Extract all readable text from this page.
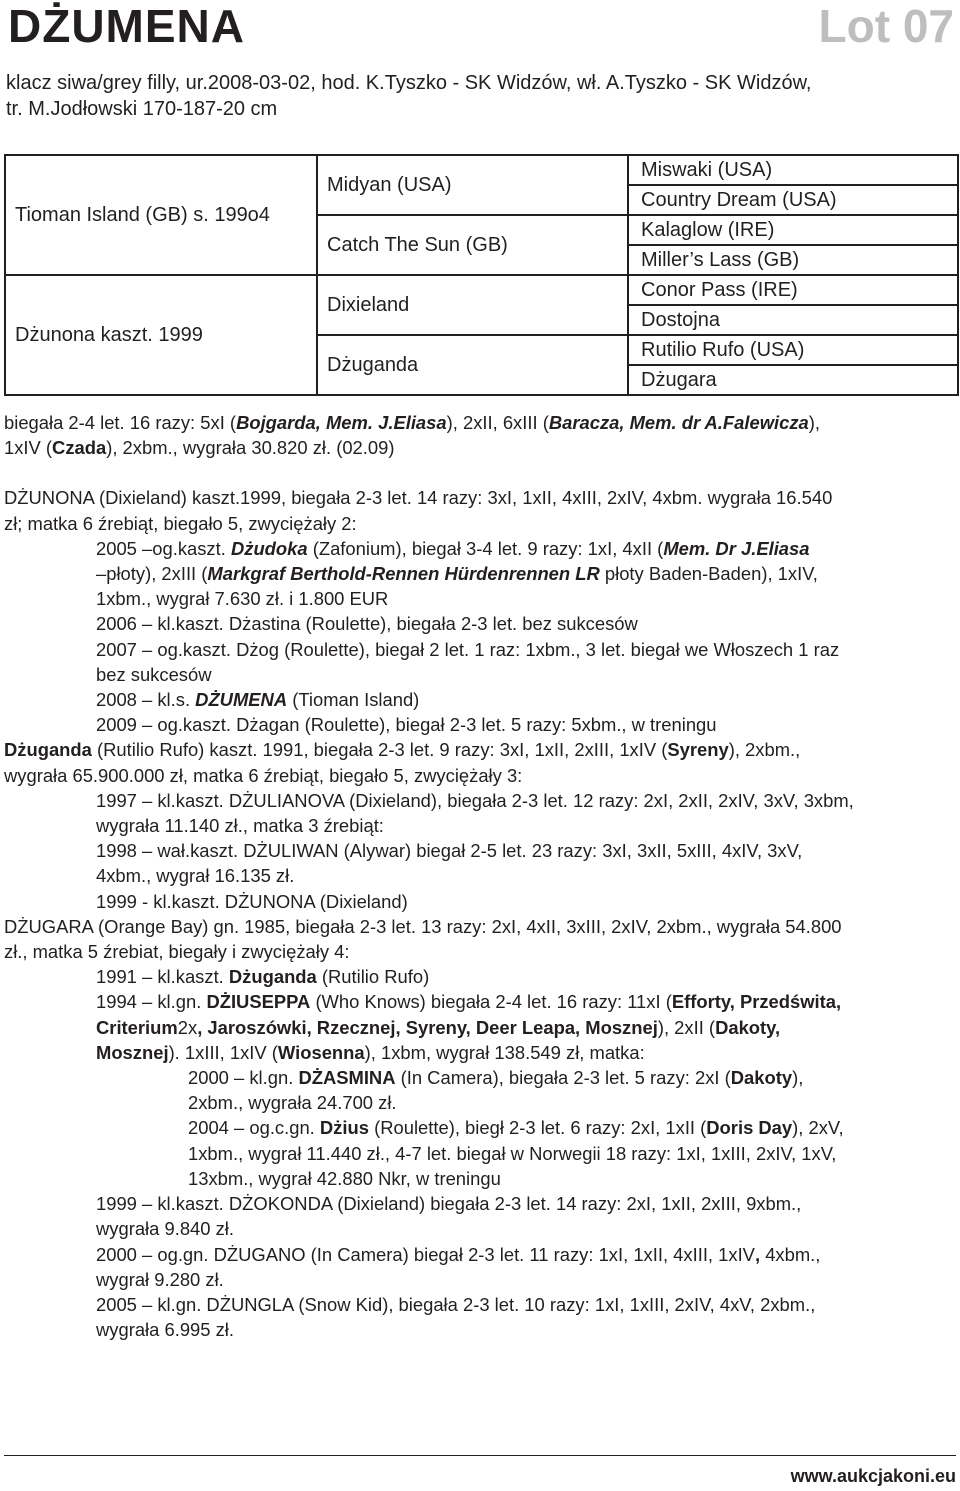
DŻUMENA	Lot 07
klacz siwa/grey filly, ur.2008-03-02, hod. K.Tyszko - SK Widzów, wł. A.Tyszko - SK Widzów,
tr. M.Jodłowski 170-187-20 cm
Tioman Island (GB) s. 199o4	Midyan (USA)	Miswaki (USA)
		Country Dream (USA)
	Catch The Sun (GB)	Kalaglow (IRE)
		Miller’s Lass (GB)
Dżunona kaszt. 1999	Dixieland	Conor Pass (IRE)
		Dostojna
	Dżuganda	Rutilio Rufo (USA)
		Dżugara

biegała 2-4 let. 16 razy: 5xI (Bojgarda, Mem. J.Eliasa), 2xII, 6xIII (Baracza, Mem. dr A.Falewicza),
1xIV (Czada), 2xbm., wygrała 30.820 zł. (02.09)

DŻUNONA (Dixieland) kaszt.1999, biegała 2-3 let. 14 razy: 3xI, 1xII, 4xIII, 2xIV, 4xbm. wygrała 16.540
zł; matka 6 źrebiąt, biegało 5, zwyciężały 2:

2005 –og.kaszt. Dżudoka (Zafonium), biegał 3-4 let. 9 razy: 1xI, 4xII (Mem. Dr J.Eliasa
–płoty), 2xIII (Markgraf Berthold-Rennen Hürdenrennen LR płoty Baden-Baden), 1xIV,
1xbm., wygrał 7.630 zł. i 1.800 EUR

2006 – kl.kaszt. Dżastina (Roulette), biegała 2-3 let. bez sukcesów

2007 – og.kaszt. Dżog (Roulette), biegał 2 let. 1 raz: 1xbm., 3 let. biegał we Włoszech 1 raz
bez sukcesów

2008 – kl.s. DŻUMENA (Tioman Island)

2009 – og.kaszt. Dżagan (Roulette), biegał 2-3 let. 5 razy: 5xbm., w treningu

Dżuganda (Rutilio Rufo) kaszt. 1991, biegała 2-3 let. 9 razy: 3xI, 1xII, 2xIII, 1xIV (Syreny), 2xbm.,
wygrała 65.900.000 zł, matka 6 źrebiąt, biegało 5, zwyciężały 3:

1997 – kl.kaszt. DŻULIANOVA (Dixieland), biegała 2-3 let. 12 razy: 2xI, 2xII, 2xIV, 3xV, 3xbm,
wygrała 11.140 zł., matka 3 źrebiąt:

1998 – wał.kaszt. DŻULIWAN (Alywar) biegał 2-5 let. 23 razy: 3xI, 3xII, 5xIII, 4xIV, 3xV,
4xbm., wygrał 16.135 zł.

1999 - kl.kaszt. DŻUNONA (Dixieland)

DŻUGARA (Orange Bay) gn. 1985, biegała 2-3 let. 13 razy: 2xI, 4xII, 3xIII, 2xIV, 2xbm., wygrała 54.800
zł., matka 5 źrebiat, biegały i zwyciężały 4:

1991 – kl.kaszt. Dżuganda (Rutilio Rufo)

1994 – kl.gn. DŻIUSEPPA (Who Knows) biegała 2-4 let. 16 razy: 11xI (Efforty, Przedświta,
Criterium2x, Jaroszówki, Rzecznej, Syreny, Deer Leapa, Mosznej), 2xII (Dakoty,
Mosznej). 1xIII, 1xIV (Wiosenna), 1xbm, wygrał 138.549 zł, matka:

2000 – kl.gn. DŻASMINA (In Camera), biegała 2-3 let. 5 razy: 2xI (Dakoty),
2xbm., wygrała 24.700 zł.

2004 – og.c.gn. Dżius (Roulette), biegł 2-3 let. 6 razy: 2xI, 1xII (Doris Day), 2xV,
1xbm., wygrał 11.440 zł., 4-7 let. biegał w Norwegii 18 razy: 1xI, 1xIII, 2xIV, 1xV,
13xbm., wygrał 42.880 Nkr, w treningu

1999 – kl.kaszt. DŻOKONDA (Dixieland) biegała 2-3 let. 14 razy: 2xI, 1xII, 2xIII, 9xbm.,
wygrała 9.840 zł.

2000 – og.gn. DŻUGANO (In Camera) biegał 2-3 let. 11 razy: 1xI, 1xII, 4xIII, 1xIV, 4xbm.,
wygrał 9.280 zł.

2005 – kl.gn. DŻUNGLA (Snow Kid), biegała 2-3 let. 10 razy: 1xI, 1xIII, 2xIV, 4xV, 2xbm.,
wygrała 6.995 zł.

www.aukcjakoni.eu
